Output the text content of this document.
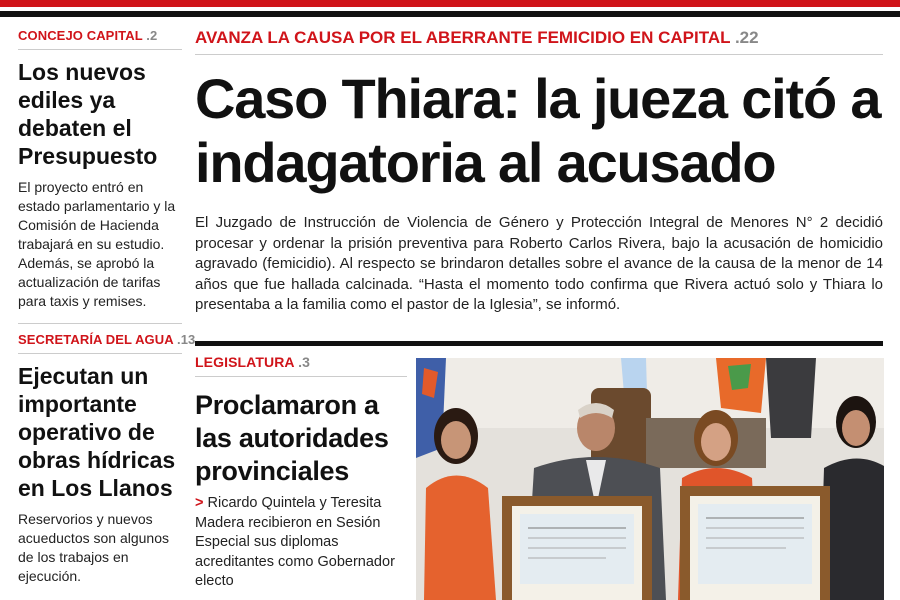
CONCEJO CAPITAL .2
Los nuevos ediles ya debaten el Presupuesto
El proyecto entró en estado parlamentario y la Comisión de Hacienda trabajará en su estudio. Además, se aprobó la actualización de tarifas para taxis y remises.
SECRETARÍA DEL AGUA .13
Ejecutan un importante operativo de obras hídricas en Los Llanos
Reservorios y nuevos acueductos son algunos de los trabajos en ejecución.
AVANZA LA CAUSA POR EL ABERRANTE FEMICIDIO EN CAPITAL .22
Caso Thiara: la jueza citó a indagatoria al acusado
El Juzgado de Instrucción de Violencia de Género y Protección Integral de Menores N° 2 decidió procesar y ordenar la prisión preventiva para Roberto Carlos Rivera, bajo la acusación de homicidio agravado (femicidio). Al respecto se brindaron detalles sobre el avance de la causa de la menor de 14 años que fue hallada calcinada. “Hasta el momento todo confirma que Rivera actuó solo y Thiara lo presentaba a la familia como el pastor de la Iglesia”, se informó.
LEGISLATURA .3
Proclamaron a las autoridades provinciales
> Ricardo Quintela y Teresita Madera recibieron en Sesión Especial sus diplomas acreditantes como Gobernador electo
